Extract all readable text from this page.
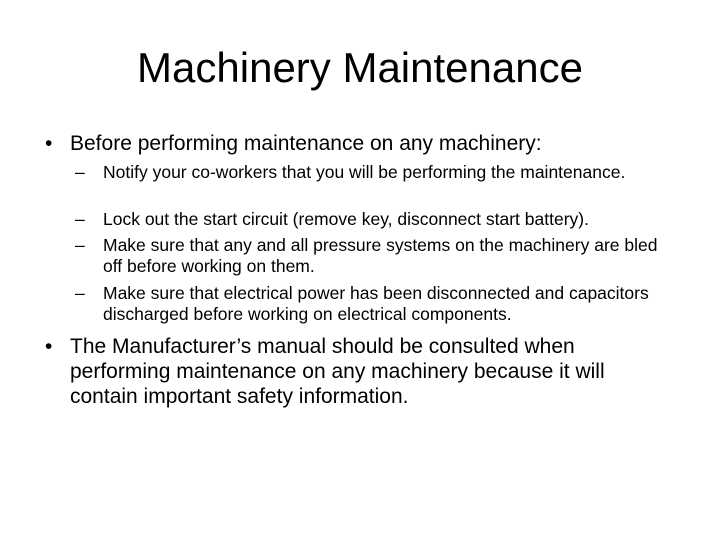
Machinery Maintenance
• Before performing maintenance on any machinery:
– Notify your co-workers that you will be performing the maintenance.
– Lock out the start circuit (remove key, disconnect start battery).
– Make sure that any and all pressure systems on the machinery are bled off before working on them.
– Make sure that electrical power has been disconnected and capacitors discharged before working on electrical components.
• The Manufacturer’s manual should be consulted when performing maintenance on any machinery because it will contain important safety information.
